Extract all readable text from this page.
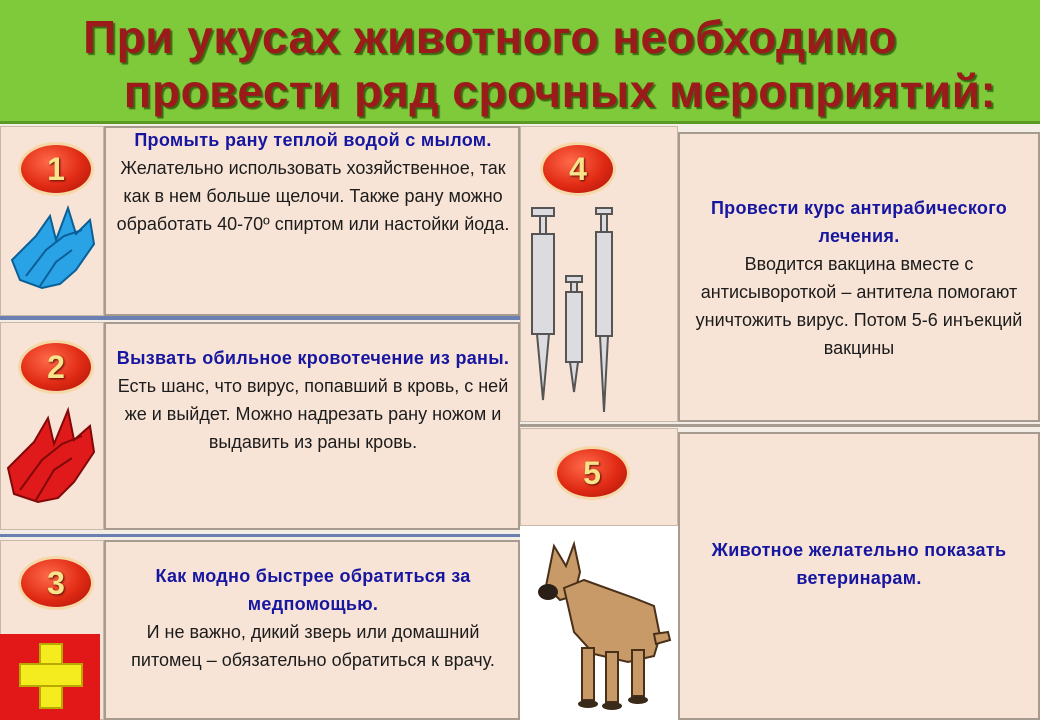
При укусах животного необходимо
провести ряд срочных мероприятий:
1
Промыть рану теплой водой с мылом.
Желательно использовать хозяйственное, так как в нем больше щелочи. Также рану можно обработать 40-70º спиртом или настойки йода.
2	Вызвать обильное кровотечение из раны.
Есть шанс, что вирус, попавший в кровь, с ней же и выйдет. Можно надрезать рану ножом и выдавить из раны кровь.
3	Как модно быстрее обратиться за медпомощью.
И не важно, дикий зверь или домашний питомец – обязательно обратиться к врачу.
4
Провести курс антирабического лечения.
Вводится вакцина вместе с антисывороткой – антитела помогают уничтожить вирус. Потом 5-6 инъекций вакцины
5
Животное желательно показать ветеринарам.
